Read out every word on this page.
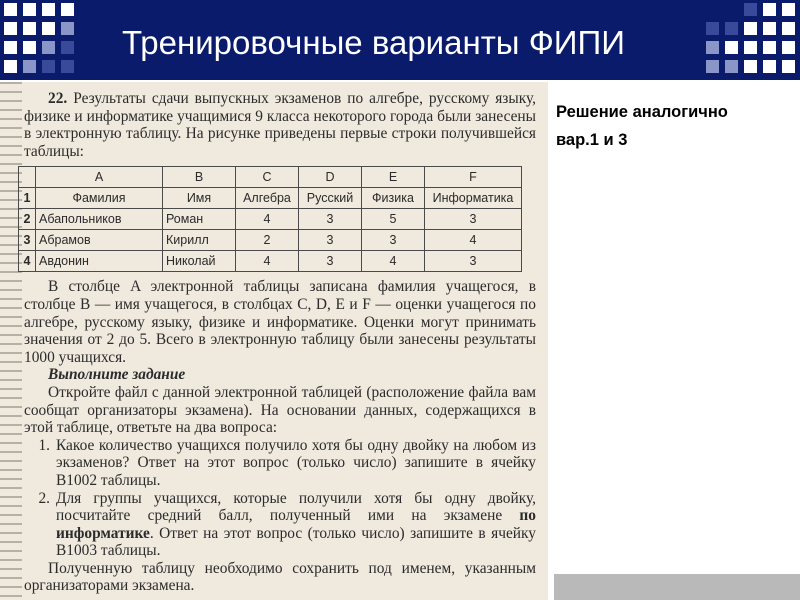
Тренировочные варианты ФИПИ

22. Результаты сдачи выпускных экзаменов по алгебре, русскому языку, физике и информатике учащимися 9 класса некоторого города были занесены в электронную таблицу. На рисунке приведены первые строки получившейся таблицы:

	A	B	C	D	E	F
1	Фамилия	Имя	Алгебра	Русский	Физика	Информатика
2	Абапольников	Роман	4	3	5	3
3	Абрамов	Кирилл	2	3	3	4
4	Авдонин	Николай	4	3	4	3

В столбце A электронной таблицы записана фамилия учащегося, в столбце B — имя учащегося, в столбцах C, D, E и F — оценки учащегося по алгебре, русскому языку, физике и информатике. Оценки могут принимать значения от 2 до 5. Всего в электронную таблицу были занесены результаты 1000 учащихся.

Выполните задание

Откройте файл с данной электронной таблицей (расположение файла вам сообщат организаторы экзамена). На основании данных, содержащихся в этой таблице, ответьте на два вопроса:

1. Какое количество учащихся получило хотя бы одну двойку на любом из экзаменов? Ответ на этот вопрос (только число) запишите в ячейку B1002 таблицы.
2. Для группы учащихся, которые получили хотя бы одну двойку, посчитайте средний балл, полученный ими на экзамене по информатике. Ответ на этот вопрос (только число) запишите в ячейку B1003 таблицы.

Полученную таблицу необходимо сохранить под именем, указанным организаторами экзамена.

Решение аналогично
вар.1 и 3
